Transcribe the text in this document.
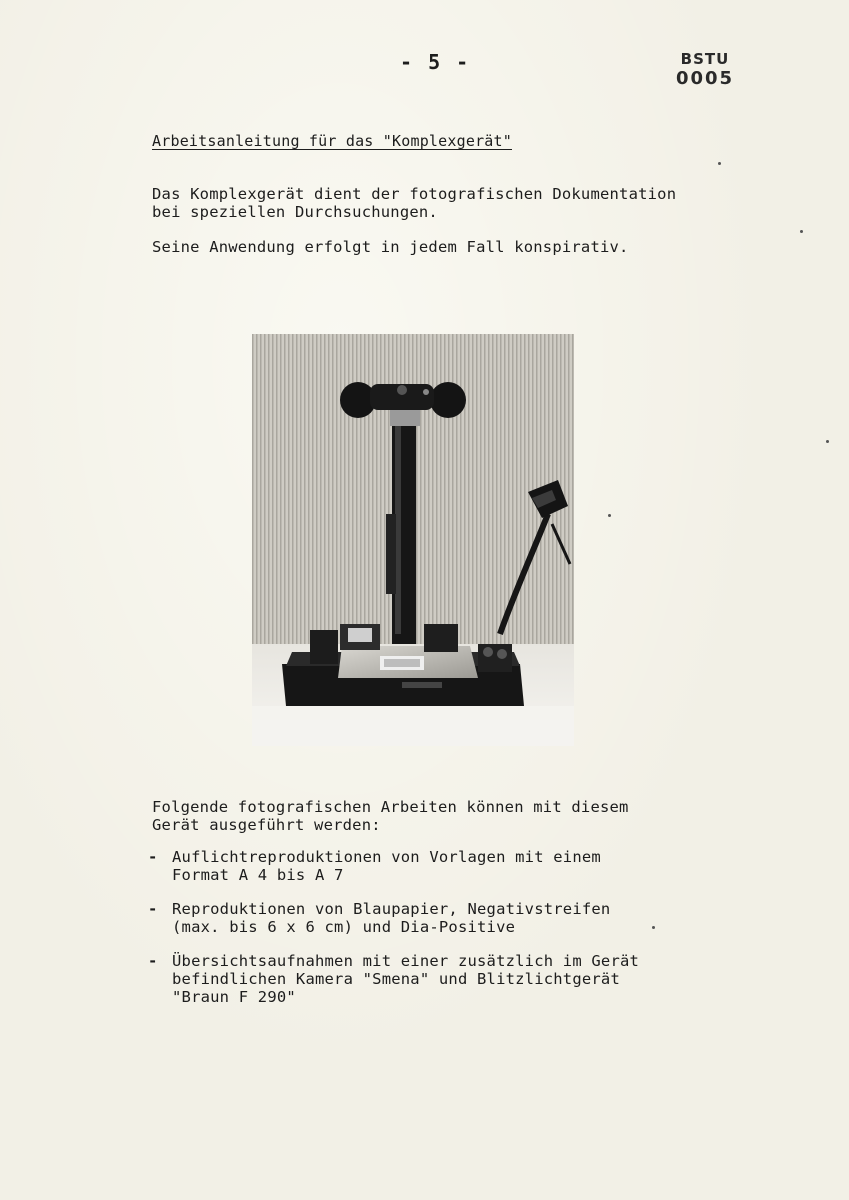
- 5 -	BSTU
0005
Arbeitsanleitung für das "Komplexgerät"
Das Komplexgerät dient der fotografischen Dokumentation
bei speziellen Durchsuchungen.
Seine Anwendung erfolgt in jedem Fall konspirativ.
Folgende fotografischen Arbeiten können mit diesem
Gerät ausgeführt werden:
- Auflichtreproduktionen von Vorlagen mit einem
Format A 4 bis A 7
- Reproduktionen von Blaupapier, Negativstreifen
(max. bis 6 x 6 cm) und Dia-Positive
- Übersichtsaufnahmen mit einer zusätzlich im Gerät
befindlichen Kamera "Smena" und Blitzlichtgerät
"Braun F 290"
